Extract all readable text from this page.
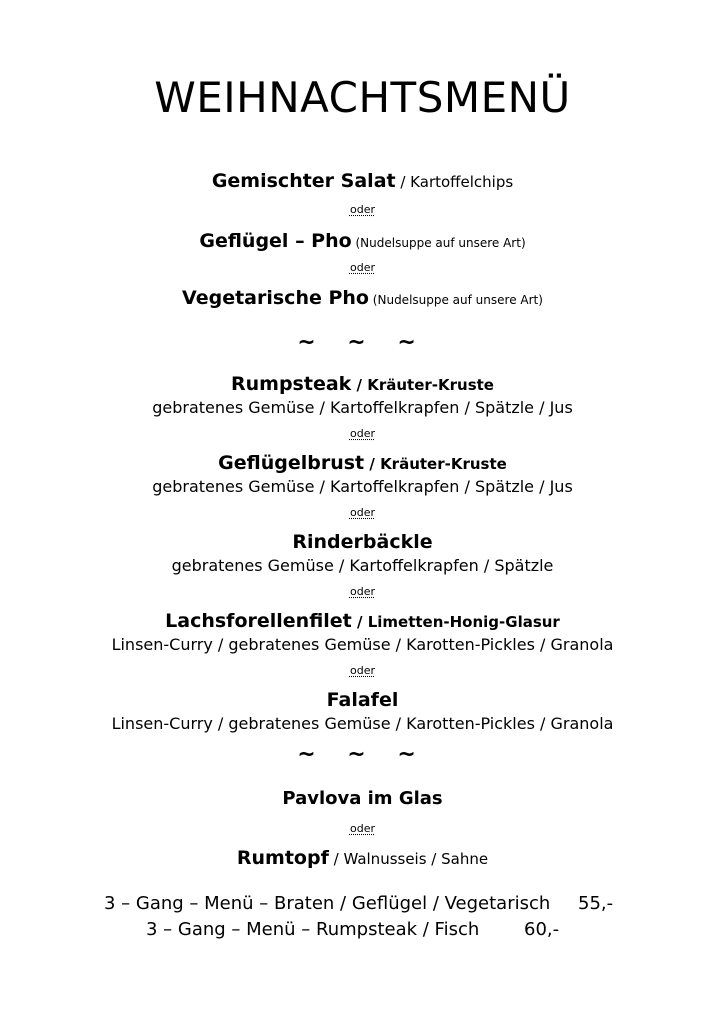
WEIHNACHTSMENÜ
Gemischter Salat / Kartoffelchips
oder
Geflügel – Pho (Nudelsuppe auf unsere Art)
oder
Vegetarische Pho (Nudelsuppe auf unsere Art)
~ ~ ~
Rumpsteak / Kräuter-Kruste
gebratenes Gemüse / Kartoffelkrapfen / Spätzle / Jus
oder
Geflügelbrust / Kräuter-Kruste
gebratenes Gemüse / Kartoffelkrapfen / Spätzle / Jus
oder
Rinderbäckle
gebratenes Gemüse / Kartoffelkrapfen / Spätzle
oder
Lachsforellenfilet / Limetten-Honig-Glasur
Linsen-Curry / gebratenes Gemüse / Karotten-Pickles / Granola
oder
Falafel
Linsen-Curry / gebratenes Gemüse / Karotten-Pickles / Granola
~ ~ ~
Pavlova im Glas
oder
Rumtopf / Walnusseis / Sahne
3 – Gang – Menü – Braten / Geflügel / Vegetarisch 55,-
3 – Gang – Menü – Rumpsteak / Fisch 60,-
